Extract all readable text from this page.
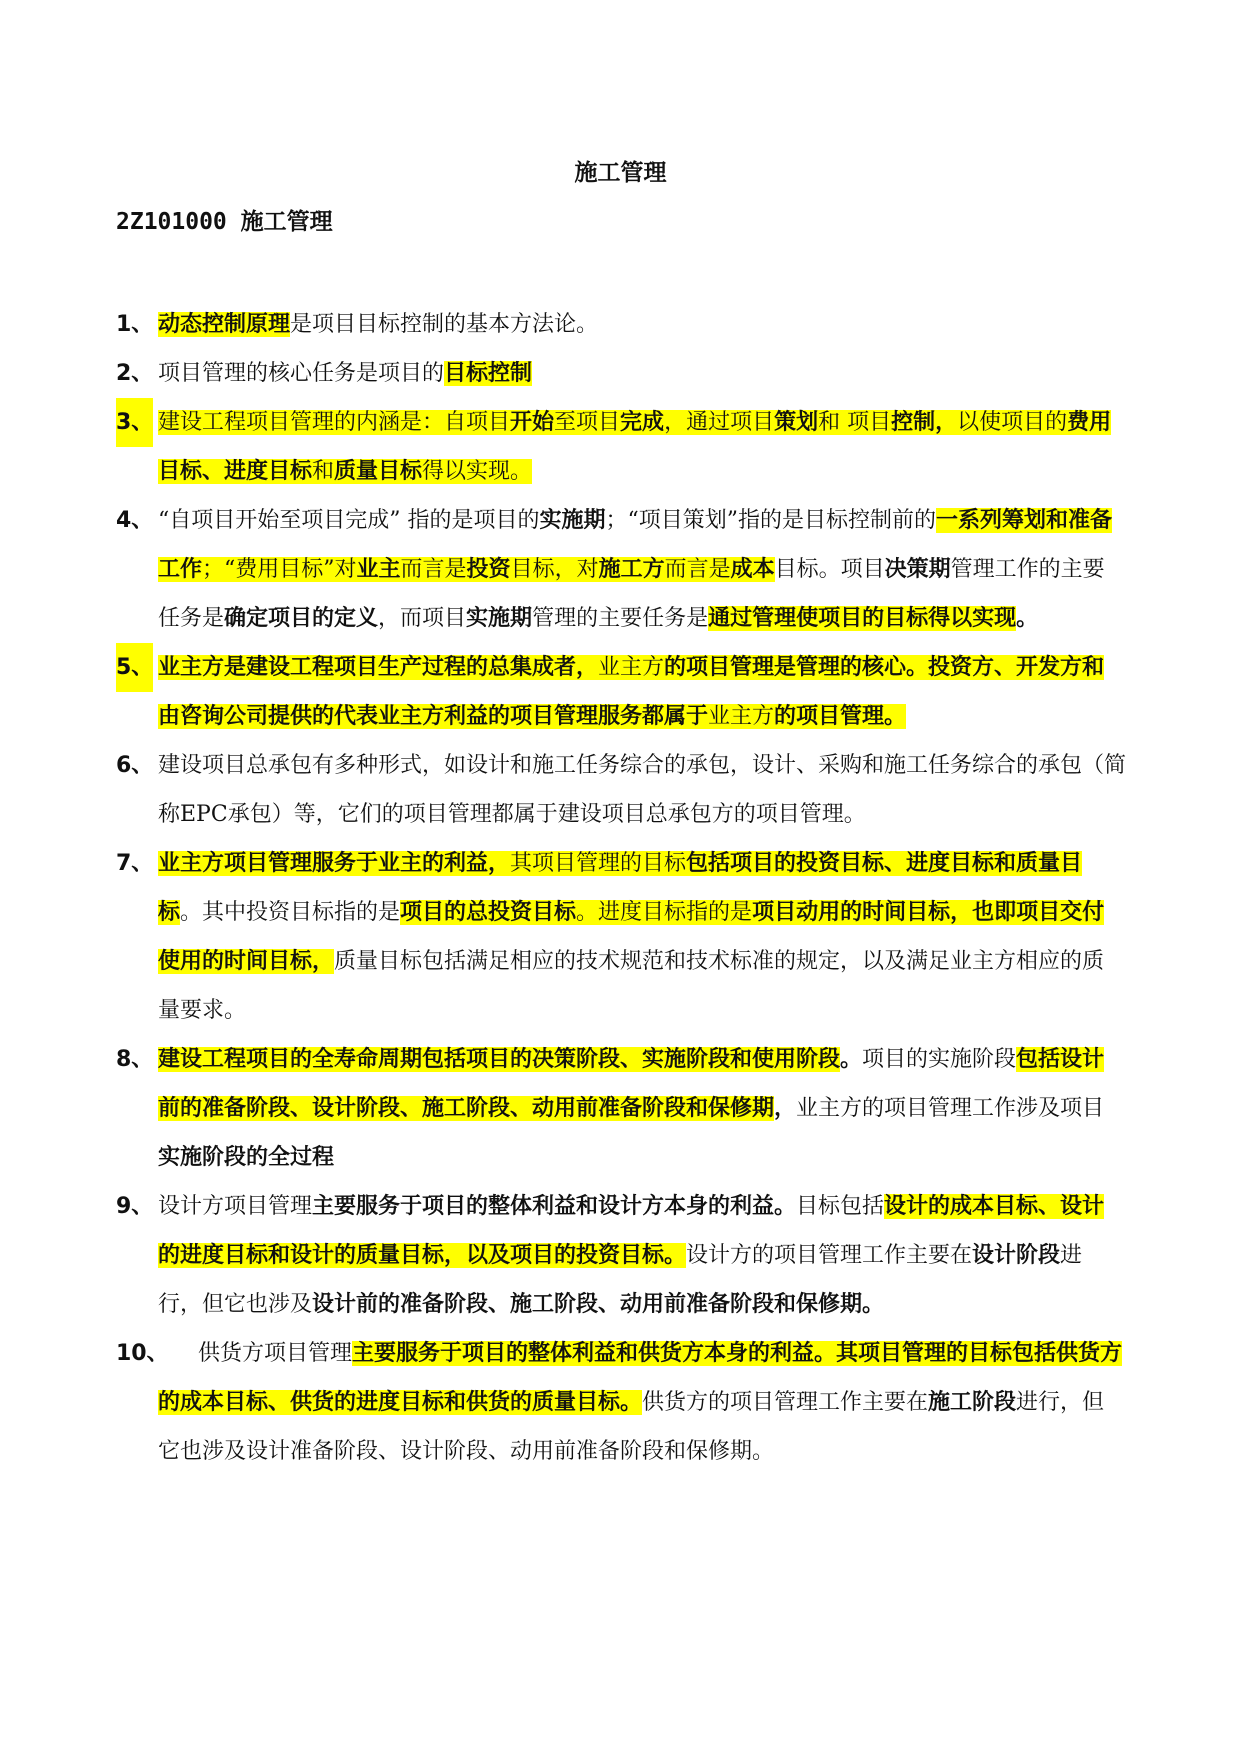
施工管理
2Z101000 施工管理
1、 动态控制原理是项目目标控制的基本方法论。
2、 项目管理的核心任务是项目的目标控制
3、 建设工程项目管理的内涵是：自项目开始至项目完成，通过项目策划和 项目控制，以使项目的费用目标、进度目标和质量目标得以实现。
4、 “自项目开始至项目完成” 指的是项目的实施期；“项目策划”指的是目标控制前的一系列筹划和准备工作；“费用目标”对业主而言是投资目标，对施工方而言是成本目标。项目决策期管理工作的主要任务是确定项目的定义，而项目实施期管理的主要任务是通过管理使项目的目标得以实现。
5、 业主方是建设工程项目生产过程的总集成者，业主方的项目管理是管理的核心。投资方、开发方和由咨询公司提供的代表业主方利益的项目管理服务都属于业主方的项目管理。
6、 建设项目总承包有多种形式，如设计和施工任务综合的承包，设计、采购和施工任务综合的承包（简称EPC承包）等，它们的项目管理都属于建设项目总承包方的项目管理。
7、 业主方项目管理服务于业主的利益，其项目管理的目标包括项目的投资目标、进度目标和质量目标。其中投资目标指的是项目的总投资目标。进度目标指的是项目动用的时间目标，也即项目交付使用的时间目标，质量目标包括满足相应的技术规范和技术标准的规定，以及满足业主方相应的质量要求。
8、 建设工程项目的全寿命周期包括项目的决策阶段、实施阶段和使用阶段。项目的实施阶段包括设计前的准备阶段、设计阶段、施工阶段、动用前准备阶段和保修期，业主方的项目管理工作涉及项目实施阶段的全过程
9、 设计方项目管理主要服务于项目的整体利益和设计方本身的利益。目标包括设计的成本目标、设计的进度目标和设计的质量目标，以及项目的投资目标。设计方的项目管理工作主要在设计阶段进行，但它也涉及设计前的准备阶段、施工阶段、动用前准备阶段和保修期。
10、 供货方项目管理主要服务于项目的整体利益和供货方本身的利益。其项目管理的目标包括供货方的成本目标、供货的进度目标和供货的质量目标。供货方的项目管理工作主要在施工阶段进行，但它也涉及设计准备阶段、设计阶段、动用前准备阶段和保修期。
